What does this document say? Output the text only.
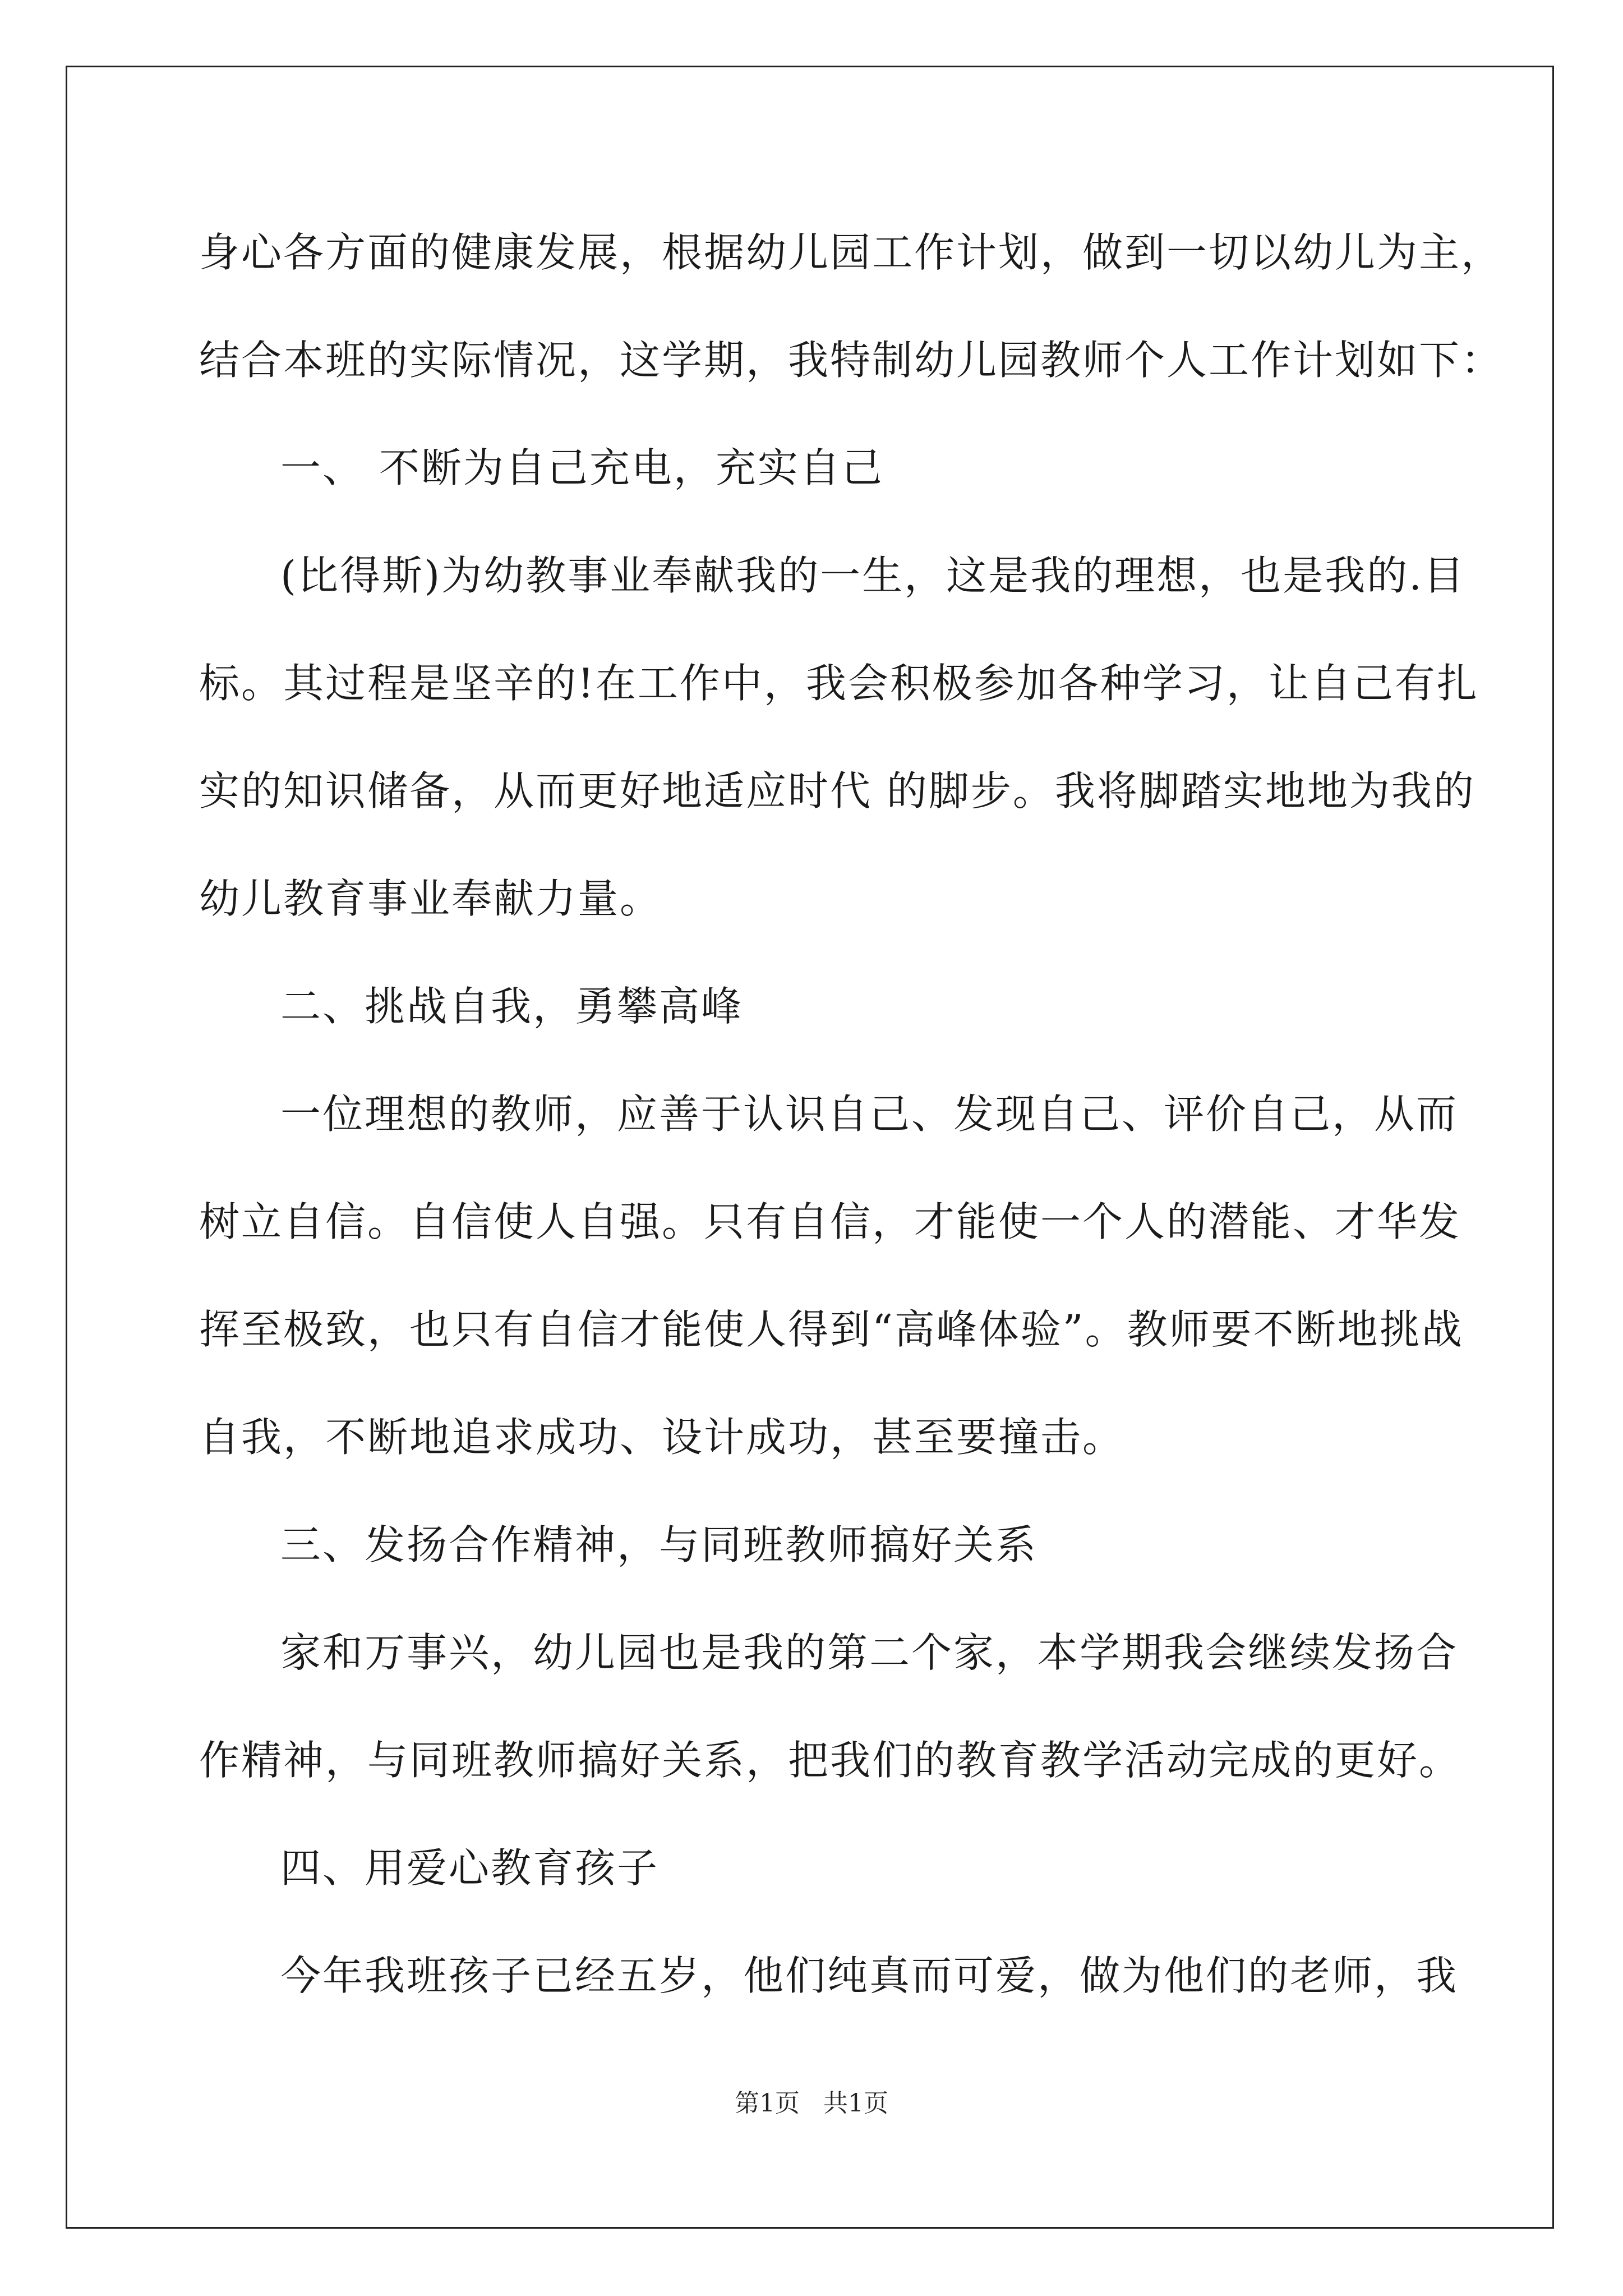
身心各方面的健康发展，根据幼儿园工作计划，做到一切以幼儿为主，
结合本班的实际情况，这学期，我特制幼儿园教师个人工作计划如下：
一、 不断为自己充电，充实自己
(比得斯)为幼教事业奉献我的一生，这是我的理想，也是我的.目
标。其过程是坚辛的!在工作中，我会积极参加各种学习，让自己有扎
实的知识储备，从而更好地适应时代 的脚步。我将脚踏实地地为我的
幼儿教育事业奉献力量。
二、挑战自我，勇攀高峰
一位理想的教师，应善于认识自己、发现自己、评价自己，从而
树立自信。自信使人自强。只有自信，才能使一个人的潜能、才华发
挥至极致，也只有自信才能使人得到“高峰体验”。教师要不断地挑战
自我，不断地追求成功、设计成功，甚至要撞击。
三、发扬合作精神，与同班教师搞好关系
家和万事兴，幼儿园也是我的第二个家，本学期我会继续发扬合
作精神，与同班教师搞好关系，把我们的教育教学活动完成的更好。
四、用爱心教育孩子
今年我班孩子已经五岁，他们纯真而可爱，做为他们的老师，我
第1页   共1页
